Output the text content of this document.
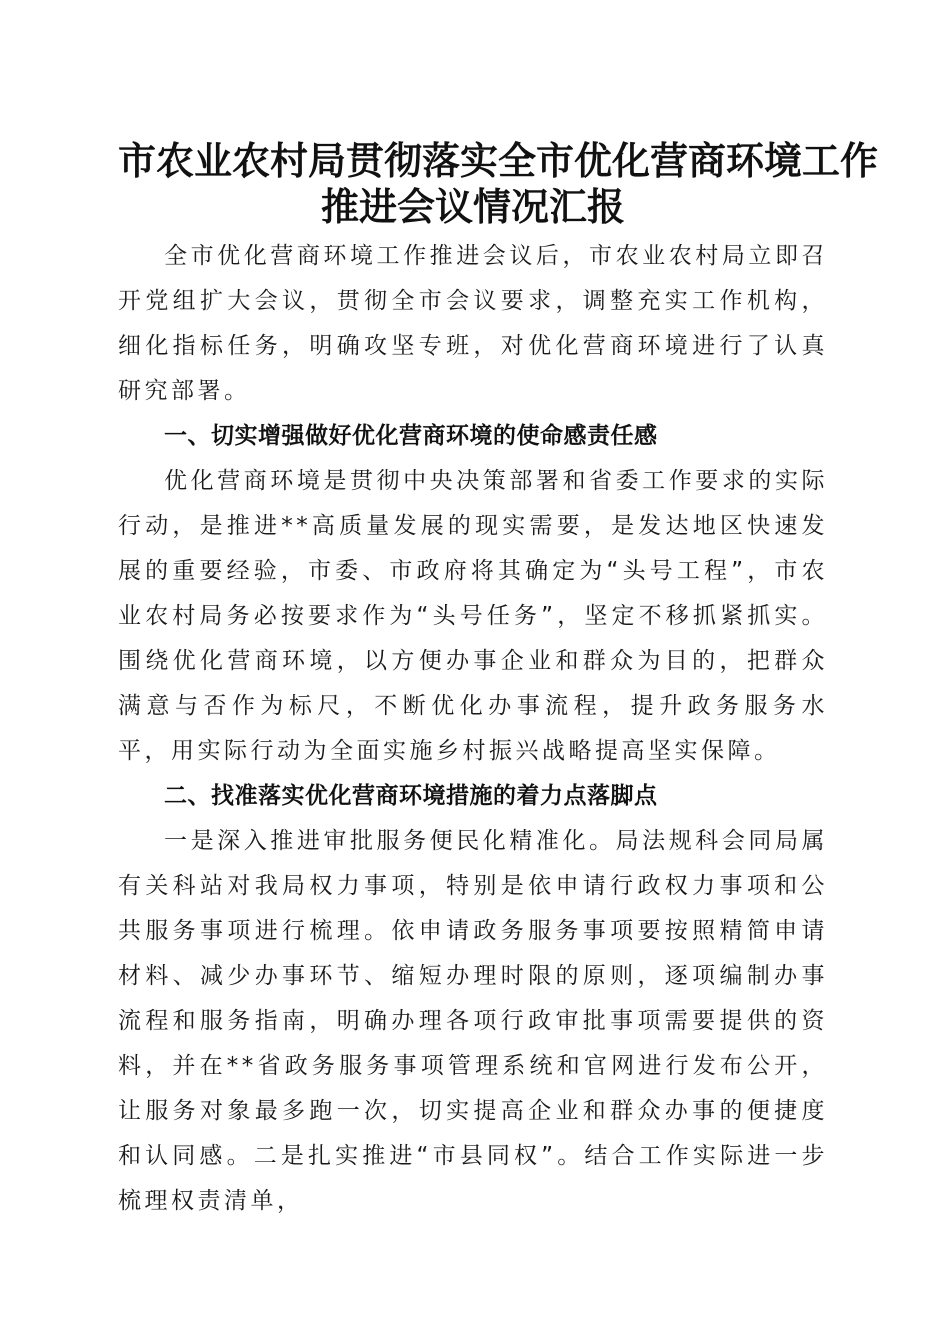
市农业农村局贯彻落实全市优化营商环境工作
推进会议情况汇报

全市优化营商环境工作推进会议后，市农业农村局立即召开党组扩大会议，贯彻全市会议要求，调整充实工作机构，细化指标任务，明确攻坚专班，对优化营商环境进行了认真研究部署。

一、切实增强做好优化营商环境的使命感责任感

优化营商环境是贯彻中央决策部署和省委工作要求的实际行动，是推进**高质量发展的现实需要，是发达地区快速发展的重要经验，市委、市政府将其确定为“头号工程”，市农业农村局务必按要求作为“头号任务”，坚定不移抓紧抓实。围绕优化营商环境，以方便办事企业和群众为目的，把群众满意与否作为标尺，不断优化办事流程，提升政务服务水平，用实际行动为全面实施乡村振兴战略提高坚实保障。

二、找准落实优化营商环境措施的着力点落脚点

一是深入推进审批服务便民化精准化。局法规科会同局属有关科站对我局权力事项，特别是依申请行政权力事项和公共服务事项进行梳理。依申请政务服务事项要按照精简申请材料、减少办事环节、缩短办理时限的原则，逐项编制办事流程和服务指南，明确办理各项行政审批事项需要提供的资料，并在**省政务服务事项管理系统和官网进行发布公开，让服务对象最多跑一次，切实提高企业和群众办事的便捷度和认同感。二是扎实推进“市县同权”。结合工作实际进一步梳理权责清单，
